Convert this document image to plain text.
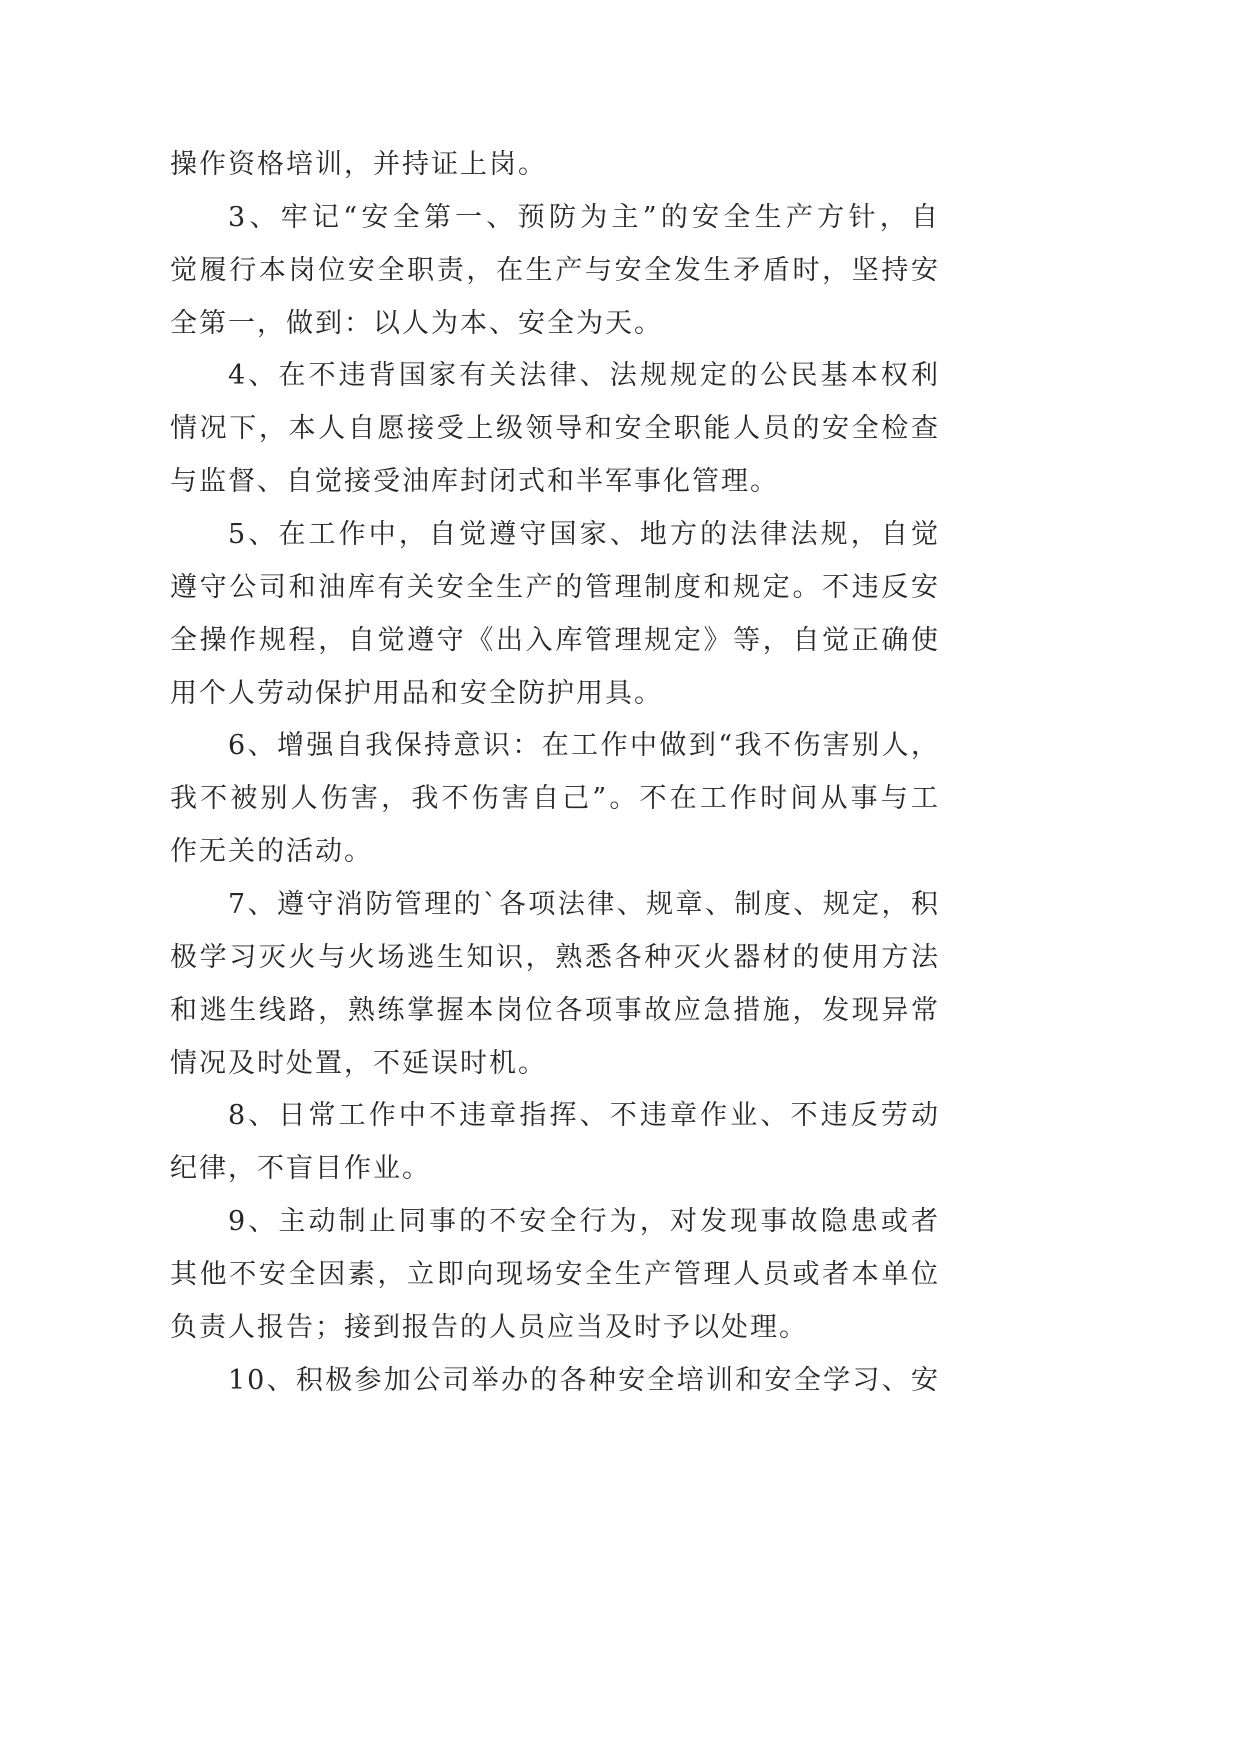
操作资格培训，并持证上岗。
3、牢记“安全第一、预防为主”的安全生产方针，自
觉履行本岗位安全职责，在生产与安全发生矛盾时，坚持安
全第一，做到：以人为本、安全为天。
4、在不违背国家有关法律、法规规定的公民基本权利
情况下，本人自愿接受上级领导和安全职能人员的安全检查
与监督、自觉接受油库封闭式和半军事化管理。
5、在工作中，自觉遵守国家、地方的法律法规，自觉
遵守公司和油库有关安全生产的管理制度和规定。不违反安
全操作规程，自觉遵守《出入库管理规定》等，自觉正确使
用个人劳动保护用品和安全防护用具。
6、增强自我保持意识：在工作中做到“我不伤害别人，
我不被别人伤害，我不伤害自己”。不在工作时间从事与工
作无关的活动。
7、遵守消防管理的`各项法律、规章、制度、规定，积
极学习灭火与火场逃生知识，熟悉各种灭火器材的使用方法
和逃生线路，熟练掌握本岗位各项事故应急措施，发现异常
情况及时处置，不延误时机。
8、日常工作中不违章指挥、不违章作业、不违反劳动
纪律，不盲目作业。
9、主动制止同事的不安全行为，对发现事故隐患或者
其他不安全因素，立即向现场安全生产管理人员或者本单位
负责人报告；接到报告的人员应当及时予以处理。
10、积极参加公司举办的各种安全培训和安全学习、安
